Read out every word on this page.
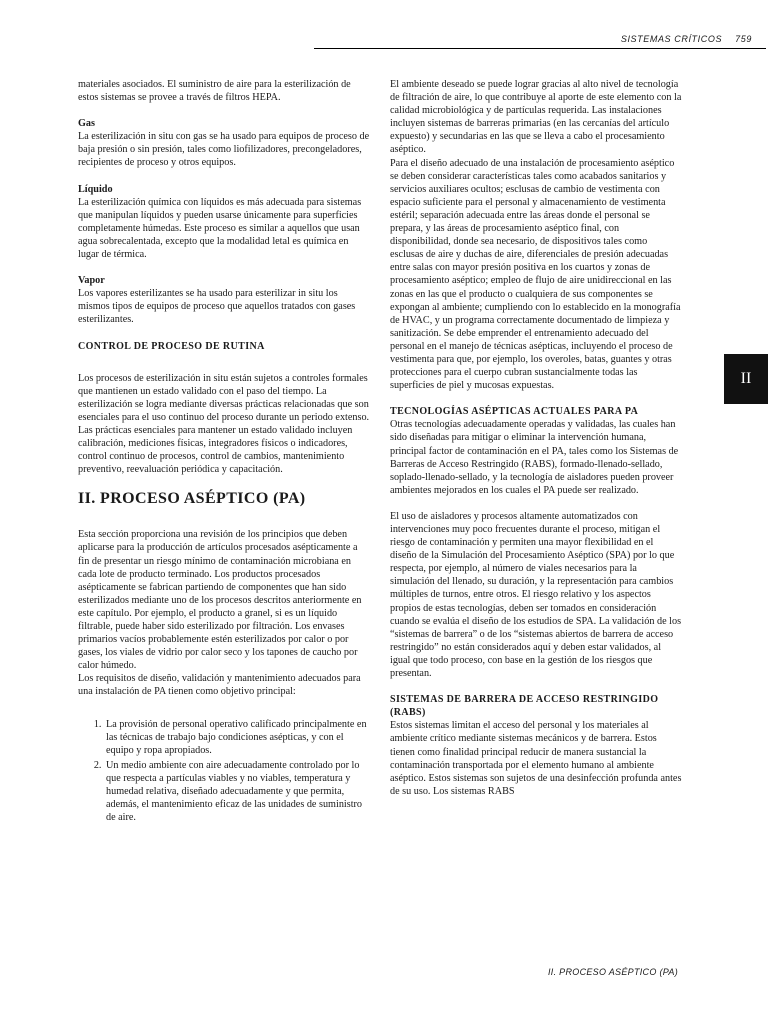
SISTEMAS CRÍTICOS 759

materiales asociados. El suministro de aire para la esterilización de estos sistemas se provee a través de filtros HEPA.

Gas

La esterilización in situ con gas se ha usado para equipos de proceso de baja presión o sin presión, tales como liofilizadores, precongeladores, recipientes de proceso y otros equipos.

Líquido

La esterilización química con líquidos es más adecuada para sistemas que manipulan líquidos y pueden usarse únicamente para superficies completamente húmedas. Este proceso es similar a aquellos que usan agua sobrecalentada, excepto que la modalidad letal es química en lugar de térmica.

Vapor

Los vapores esterilizantes se ha usado para esterilizar in situ los mismos tipos de equipos de proceso que aquellos tratados con gases esterilizantes.

CONTROL DE PROCESO DE RUTINA

Los procesos de esterilización in situ están sujetos a controles formales que mantienen un estado validado con el paso del tiempo. La esterilización se logra mediante diversas prácticas relacionadas que son esenciales para el uso continuo del proceso durante un periodo extenso. Las prácticas esenciales para mantener un estado validado incluyen calibración, mediciones físicas, integradores físicos o indicadores, control continuo de procesos, control de cambios, mantenimiento preventivo, reevaluación periódica y capacitación.

II. PROCESO ASÉPTICO (PA)

Esta sección proporciona una revisión de los principios que deben aplicarse para la producción de artículos procesados asépticamente a fin de presentar un riesgo mínimo de contaminación microbiana en cada lote de producto terminado. Los productos procesados asépticamente se fabrican partiendo de componentes que han sido esterilizados mediante uno de los procesos descritos anteriormente en este capítulo. Por ejemplo, el producto a granel, si es un líquido filtrable, puede haber sido esterilizado por filtración. Los envases primarios vacíos probablemente estén esterilizados por calor o por gases, los viales de vidrio por calor seco y los tapones de caucho por calor húmedo.

Los requisitos de diseño, validación y mantenimiento adecuados para una instalación de PA tienen como objetivo principal:

1. La provisión de personal operativo calificado principalmente en las técnicas de trabajo bajo condiciones asépticas, y con el equipo y ropa apropiados.
2. Un medio ambiente con aire adecuadamente controlado por lo que respecta a partículas viables y no viables, temperatura y humedad relativa, diseñado adecuadamente y que permita, además, el mantenimiento eficaz de las unidades de suministro de aire.

El ambiente deseado se puede lograr gracias al alto nivel de tecnología de filtración de aire, lo que contribuye al aporte de este elemento con la calidad microbiológica y de partículas requerida. Las instalaciones incluyen sistemas de barreras primarias (en las cercanías del artículo expuesto) y secundarias en las que se lleva a cabo el procesamiento aséptico.

Para el diseño adecuado de una instalación de procesamiento aséptico se deben considerar características tales como acabados sanitarios y servicios auxiliares ocultos; esclusas de cambio de vestimenta con espacio suficiente para el personal y almacenamiento de vestimenta estéril; separación adecuada entre las áreas donde el personal se prepara, y las áreas de procesamiento aséptico final, con disponibilidad, donde sea necesario, de dispositivos tales como esclusas de aire y duchas de aire, diferenciales de presión adecuadas entre salas con mayor presión positiva en los cuartos y zonas de procesamiento aséptico; empleo de flujo de aire unidireccional en las zonas en las que el producto o cualquiera de sus componentes se expongan al ambiente; cumpliendo con lo establecido en la monografía de HVAC, y un programa correctamente documentado de limpieza y sanitización. Se debe emprender el entrenamiento adecuado del personal en el manejo de técnicas asépticas, incluyendo el proceso de vestimenta para que, por ejemplo, los overoles, batas, guantes y otras protecciones para el cuerpo cubran sustancialmente todas las superficies de piel y mucosas expuestas.

TECNOLOGÍAS ASÉPTICAS ACTUALES PARA PA

Otras tecnologías adecuadamente operadas y validadas, las cuales han sido diseñadas para mitigar o eliminar la intervención humana, principal factor de contaminación en el PA, tales como los Sistemas de Barreras de Acceso Restringido (RABS), formado-llenado-sellado, soplado-llenado-sellado, y la tecnología de aisladores pueden proveer ambientes mejorados en los cuales el PA puede ser realizado.

El uso de aisladores y procesos altamente automatizados con intervenciones muy poco frecuentes durante el proceso, mitigan el riesgo de contaminación y permiten una mayor flexibilidad en el diseño de la Simulación del Procesamiento Aséptico (SPA) por lo que respecta, por ejemplo, al número de viales necesarios para la simulación del llenado, su duración, y la representación para cambios múltiples de turnos, entre otros. El riesgo relativo y los aspectos propios de estas tecnologías, deben ser tomados en consideración cuando se evalúa el diseño de los estudios de SPA. La validación de los “sistemas de barrera” o de los “sistemas abiertos de barrera de acceso restringido” no están considerados aquí y deben estar validados, al igual que todo proceso, con base en la gestión de los riesgos que presentan.

SISTEMAS DE BARRERA DE ACCESO RESTRINGIDO (RABS)

Estos sistemas limitan el acceso del personal y los materiales al ambiente crítico mediante sistemas mecánicos y de barrera. Estos tienen como finalidad principal reducir de manera sustancial la contaminación transportada por el elemento humano al ambiente aséptico. Estos sistemas son sujetos de una desinfección profunda antes de su uso. Los sistemas RABS

II
II. PROCESO ASÉPTICO (PA)
